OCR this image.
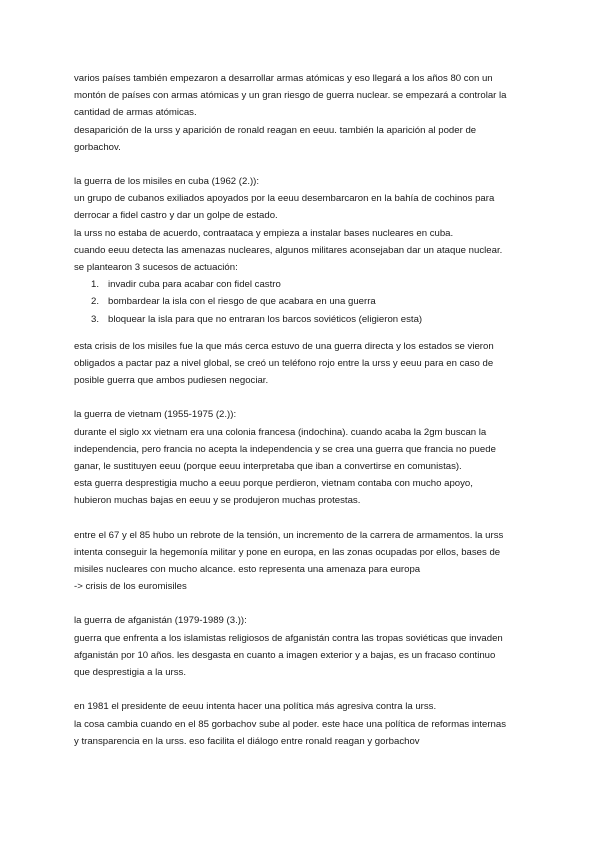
varios países también empezaron a desarrollar armas atómicas y eso llegará a los años 80 con un

montón de países con armas atómicas y un gran riesgo de guerra nuclear. se empezará a controlar la

cantidad de armas atómicas.

desaparición de la urss y aparición de ronald reagan en eeuu. también la aparición al poder de

gorbachov.

la guerra de los misiles en cuba (1962 (2.)):

un grupo de cubanos exiliados apoyados por la eeuu desembarcaron en la bahía de cochinos para

derrocar a fidel castro y dar un golpe de estado.

la urss no estaba de acuerdo, contraataca y empieza a instalar bases nucleares en cuba.

cuando eeuu detecta las amenazas nucleares, algunos militares aconsejaban dar un ataque nuclear.

se plantearon 3 sucesos de actuación:

1. invadir cuba para acabar con fidel castro
2. bombardear la isla con el riesgo de que acabara en una guerra
3. bloquear la isla para que no entraran los barcos soviéticos (eligieron esta)

esta crisis de los misiles fue la que más cerca estuvo de una guerra directa y los estados se vieron

obligados a pactar paz a nivel global, se creó un teléfono rojo entre la urss y eeuu para en caso de

posible guerra que ambos pudiesen negociar.

la guerra de vietnam (1955-1975 (2.)):

durante el siglo xx vietnam era una colonia francesa (indochina). cuando acaba la 2gm buscan la

independencia, pero francia no acepta la independencia y se crea una guerra que francia no puede

ganar, le sustituyen eeuu (porque eeuu interpretaba que iban a convertirse en comunistas).

esta guerra desprestigia mucho a eeuu porque perdieron, vietnam contaba con mucho apoyo,

hubieron muchas bajas en eeuu y se produjeron muchas protestas.

entre el 67 y el 85 hubo un rebrote de la tensión, un incremento de la carrera de armamentos. la urss

intenta conseguir la hegemonía militar y pone en europa, en las zonas ocupadas por ellos, bases de

misiles nucleares con mucho alcance. esto representa una amenaza para europa

-> crisis de los euromisiles

la guerra de afganistán (1979-1989 (3.)):

guerra que enfrenta a los islamistas religiosos de afganistán contra las tropas soviéticas que invaden

afganistán por 10 años. les desgasta en cuanto a imagen exterior y a bajas, es un fracaso continuo

que desprestigia a la urss.

en 1981 el presidente de eeuu intenta hacer una política más agresiva contra la urss.

la cosa cambia cuando en el 85 gorbachov sube al poder. este hace una política de reformas internas

y transparencia en la urss. eso facilita el diálogo entre ronald reagan y gorbachov
